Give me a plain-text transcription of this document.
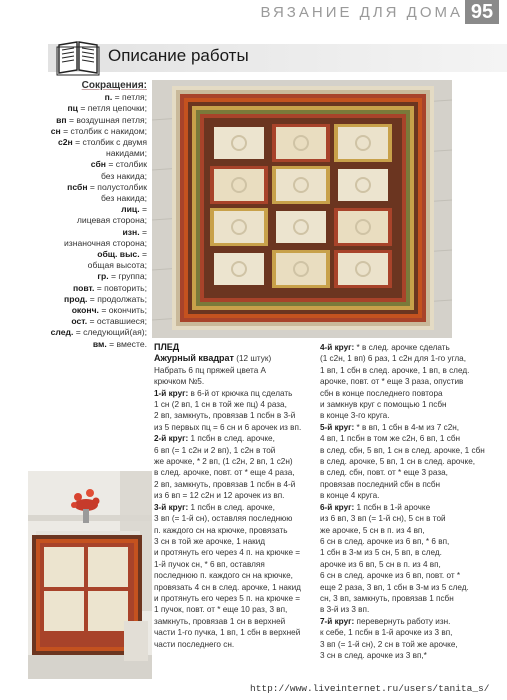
ВЯЗАНИЕ ДЛЯ ДОМА 95
Описание работы
Сокращения:
п. = петля;
пц = петля цепочки;
вп = воздушная петля;
сн = столбик с накидом;
с2н = столбик с двумя
накидами;
сбн = столбик
без накида;
псбн = полустолбик
без накида;
лиц. =
лицевая сторона;
изн. =
изнаночная сторона;
общ. выс. =
общая высота;
гр. = группа;
повт. = повторить;
прод. = продолжать;
оконч. = окончить;
ост. = оставшиеся;
след. = следующий(ая);
вм. = вместе. ПЛЕД
Ажурный квадрат (12 штук)
Набрать 6 пц пряжей цвета А
крючком №5.
1-й круг: в 6-й от крючка пц сделать
1 сн (2 вп, 1 сн в той же пц) 4 раза,
2 вп, замкнуть, провязав 1 псбн в 3-й
из 5 первых пц = 6 сн и 6 арочек из вп.
2-й круг: 1 псбн в след. арочке,
6 вп (= 1 с2н и 2 вп), 1 с2н в той
же арочке, * 2 вп, (1 с2н, 2 вп, 1 с2н)
в след. арочке, повт. от * еще 4 раза,
2 вп, замкнуть, провязав 1 псбн в 4-й
из 6 вп = 12 с2н и 12 арочек из вп.
3-й круг: 1 псбн в след. арочке,
3 вп (= 1-й сн), оставляя последнюю
п. каждого сн на крючке, провязать
3 сн в той же арочке, 1 накид
и протянуть его через 4 п. на крючке =
1-й пучок сн, * 6 вп, оставляя
последнюю п. каждого сн на крючке,
провязать 4 сн в след. арочке, 1 накид
и протянуть его через 5 п. на крючке =
1 пучок, повт. от * еще 10 раз, 3 вп,
замкнуть, провязав 1 сн в верхней
части 1-го пучка, 1 вп, 1 сбн в верхней
части последнего сн.
4-й круг: * в след. арочке сделать
(1 с2н, 1 вп) 6 раз, 1 с2н для 1-го угла,
1 вп, 1 сбн в след. арочке, 1 вп, в след.
арочке, повт. от * еще 3 раза, опустив
сбн в конце последнего повтора
и замкнув круг с помощью 1 псбн
в конце 3-го круга.
5-й круг: * в вп, 1 сбн в 4-м из 7 с2н,
4 вп, 1 псбн в том же с2н, 6 вп, 1 сбн
в след. сбн, 5 вп, 1 сн в след. арочке, 1 сбн
в след. арочке, 5 вп, 1 сн в след. арочке,
в след. сбн, повт. от * еще 3 раза,
провязав последний сбн в псбн
в конце 4 круга.
6-й круг: 1 псбн в 1-й арочке
из 6 вп, 3 вп (= 1-й сн), 5 сн в той
же арочке, 5 сн в п. из 4 вп,
6 сн в след. арочке из 6 вп, * 6 вп,
1 сбн в 3-м из 5 сн, 5 вп, в след.
арочке из 6 вп, 5 сн в п. из 4 вп,
6 сн в след. арочке из 6 вп, повт. от *
еще 2 раза, 3 вп, 1 сбн в 3-м из 5 след.
сн, 3 вп, замкнуть, провязав 1 псбн
в 3-й из 3 вп.
7-й круг: перевернуть работу изн.
к себе, 1 псбн в 1-й арочке из 3 вп,
3 вп (= 1-й сн), 2 сн в той же арочке,
3 сн в след. арочке из 3 вп,*
http://www.liveinternet.ru/users/tanita_s/
